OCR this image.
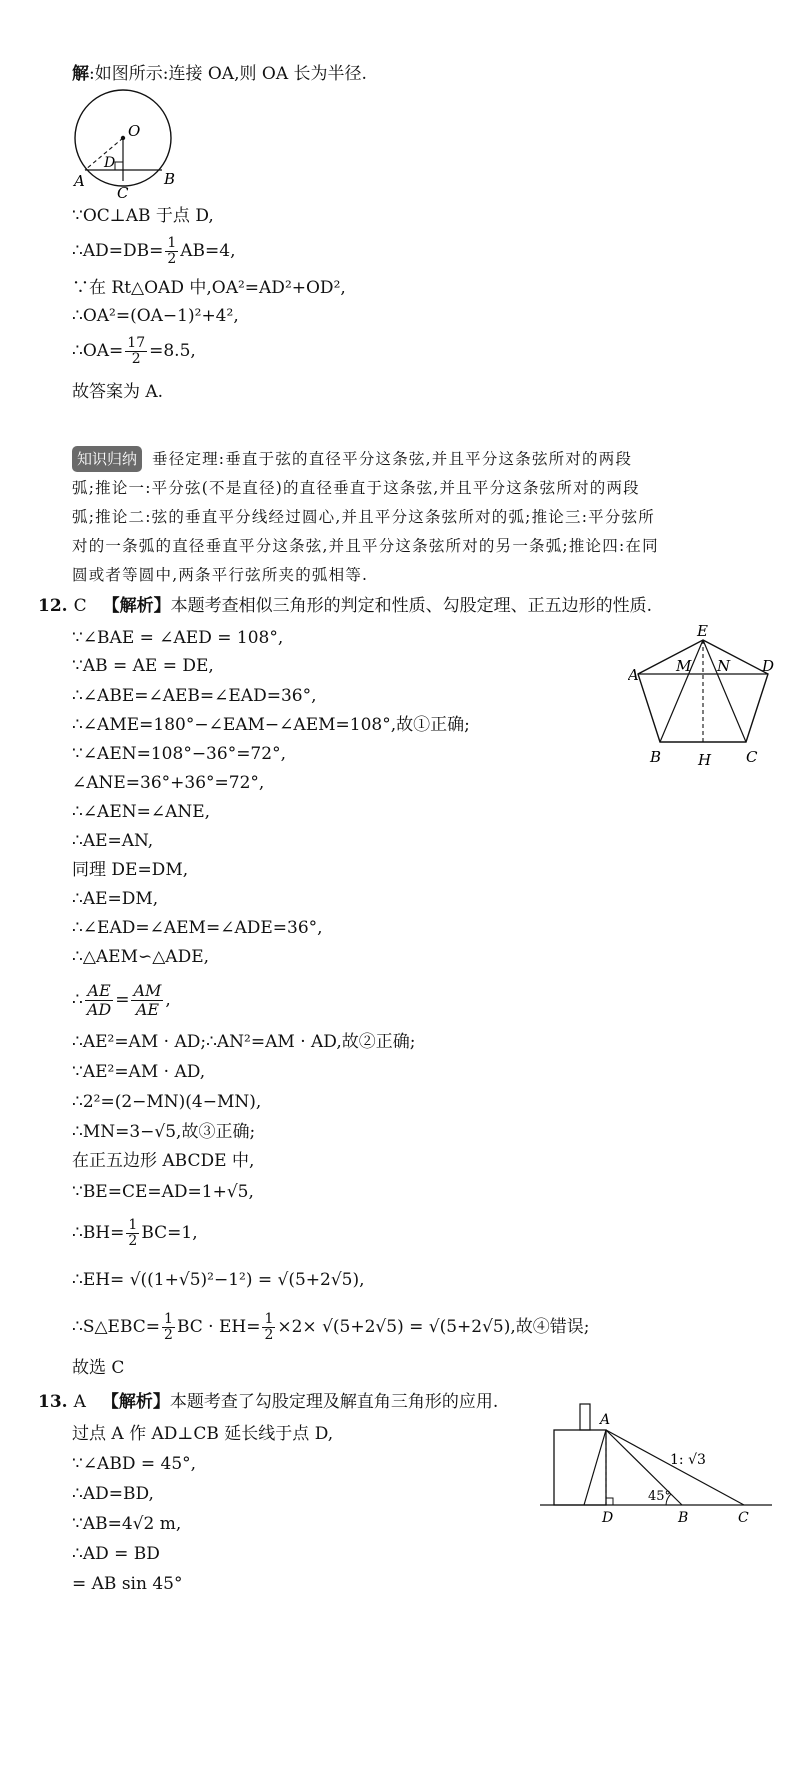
解:如图所示:连接 OA,则 OA 长为半径.
O
D
A
C
B
∵OC⊥AB 于点 D,
∴AD=DB= $\frac{1}{2} AB=4$,
∵在 Rt△OAD 中,OA²=AD²+OD²,
∴OA²=(OA−1)²+4²,
∴OA= $\frac{17}{2} =8.5$,
故答案为 A.
知识归纳 垂径定理:垂直于弦的直径平分这条弦,并且平分这条弦所对的两段
弧;推论一:平分弦(不是直径)的直径垂直于这条弦,并且平分这条弦所对的两段
弧;推论二:弦的垂直平分线经过圆心,并且平分这条弦所对的弧;推论三:平分弦所
对的一条弧的直径垂直平分这条弦,并且平分这条弦所对的另一条弧;推论四:在同
圆或者等圆中,两条平行弦所夹的弧相等.
12. C 【解析】本题考查相似三角形的判定和性质、勾股定理、正五边形的性质.
∵∠BAE = ∠AED = 108°,
∵AB = AE = DE,
∴∠ABE=∠AEB=∠EAD=36°,
∴∠AME=180°−∠EAM−∠AEM=108°,故①正确;
∵∠AEN=108°−36°=72°,
∠ANE=36°+36°=72°,
∴∠AEN=∠ANE,
∴AE=AN,
同理 DE=DM,
∴AE=DM,
∴∠EAD=∠AEM=∠ADE=36°,
∴△AEM∽△ADE,
∴ $\frac{AE}{AD} = \frac{AM}{AE}$ ,
∴AE²=AM · AD;∴AN²=AM · AD,故②正确;
∵AE²=AM · AD,
∴2²=(2−MN)(4−MN),
∴MN=3−√5,故③正确;
在正五边形 ABCDE 中,
∵BE=CE=AD=1+√5,
∴BH= $\frac{1}{2} BC=1$,
∴EH= √((1+√5)²−1²) = √(5+2√5),
∴S△EBC= $\frac{1}{2}$ BC · $EH= \frac{1}{2} \times 2\times √(5+2√5) = √(5+2√5)$,故④错误;
故选 C
E
A M N D
B H C
13. A 【解析】本题考查了勾股定理及解直角三角形的应用.
过点 A 作 AD⊥CB 延长线于点 D,
∵∠ABD = 45°,
∴AD=BD,
∵AB=4√2 m,
∴AD = BD
= AB sin 45°
A
1: √3
45°
D	B	C
